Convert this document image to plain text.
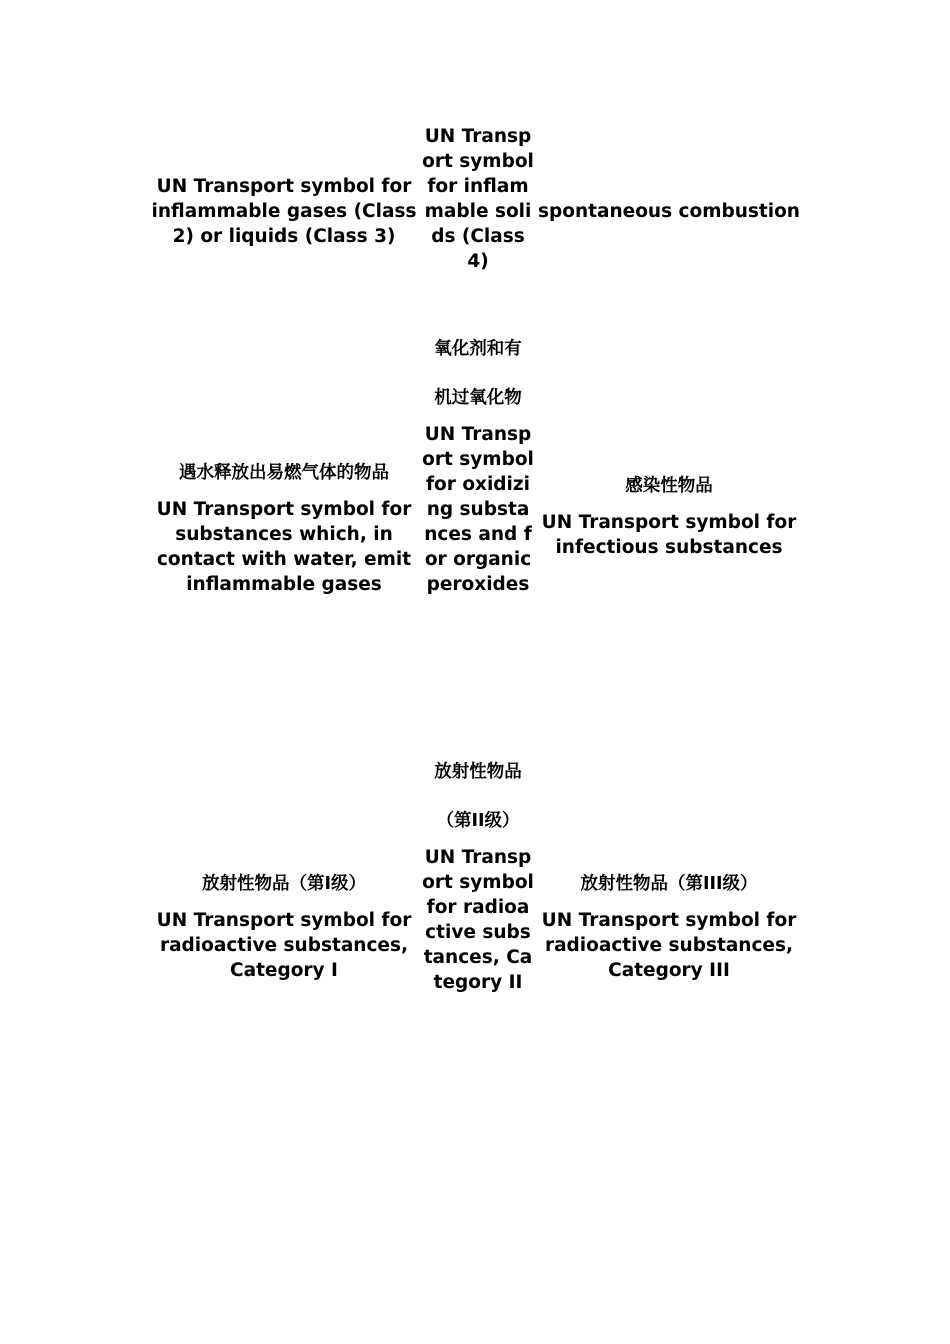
UN Transport symbol for inflammable gases (Class 2) or liquids (Class 3)
UN Transport symbol for inflammable solids (Class 4)
spontaneous combustion
遇水释放出易燃气体的物品
UN Transport symbol for substances which, in contact with water, emit inflammable gases
氧化剂和有
机过氧化物
UN Transport symbol for oxidizing substances and for organic peroxides
感染性物品
UN Transport symbol for infectious substances
放射性物品（第I级）
UN Transport symbol for radioactive substances, Category I
放射性物品
（第II级）
UN Transport symbol for radioactive substances, Category II
放射性物品（第III级）
UN Transport symbol for radioactive substances, Category III
